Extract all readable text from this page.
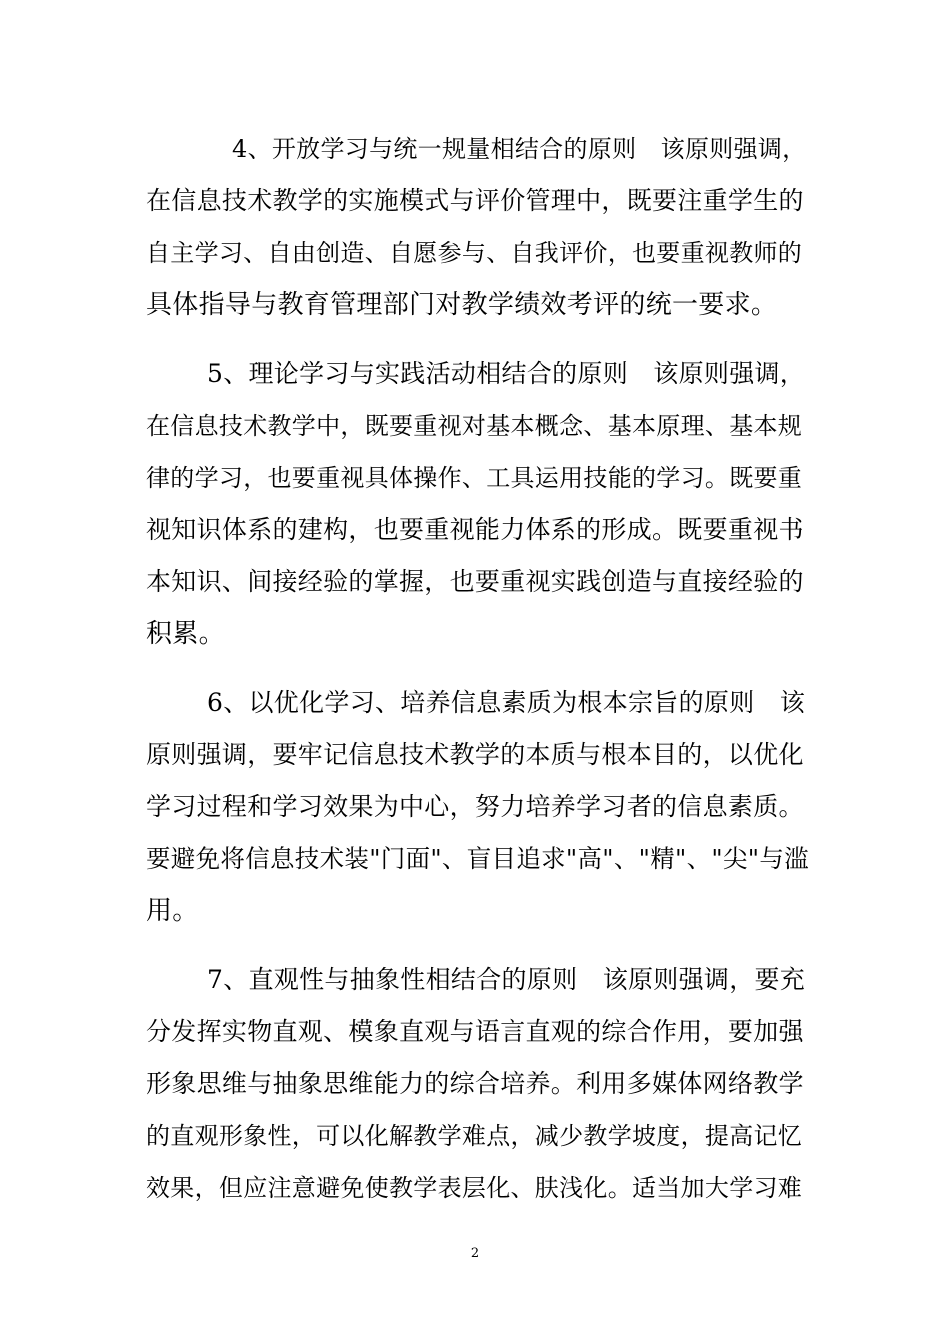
4、开放学习与统一规量相结合的原则　该原则强调，
在信息技术教学的实施模式与评价管理中，既要注重学生的
自主学习、自由创造、自愿参与、自我评价，也要重视教师的
具体指导与教育管理部门对教学绩效考评的统一要求。
5、理论学习与实践活动相结合的原则　该原则强调，
在信息技术教学中，既要重视对基本概念、基本原理、基本规
律的学习，也要重视具体操作、工具运用技能的学习。既要重
视知识体系的建构，也要重视能力体系的形成。既要重视书
本知识、间接经验的掌握，也要重视实践创造与直接经验的
积累。
6、以优化学习、培养信息素质为根本宗旨的原则　该
原则强调，要牢记信息技术教学的本质与根本目的，以优化
学习过程和学习效果为中心，努力培养学习者的信息素质。
要避免将信息技术装"门面"、盲目追求"高"、"精"、"尖"与滥
用。
7、直观性与抽象性相结合的原则　该原则强调，要充
分发挥实物直观、模象直观与语言直观的综合作用，要加强
形象思维与抽象思维能力的综合培养。利用多媒体网络教学
的直观形象性，可以化解教学难点，减少教学坡度，提高记忆
效果，但应注意避免使教学表层化、肤浅化。适当加大学习难
2
